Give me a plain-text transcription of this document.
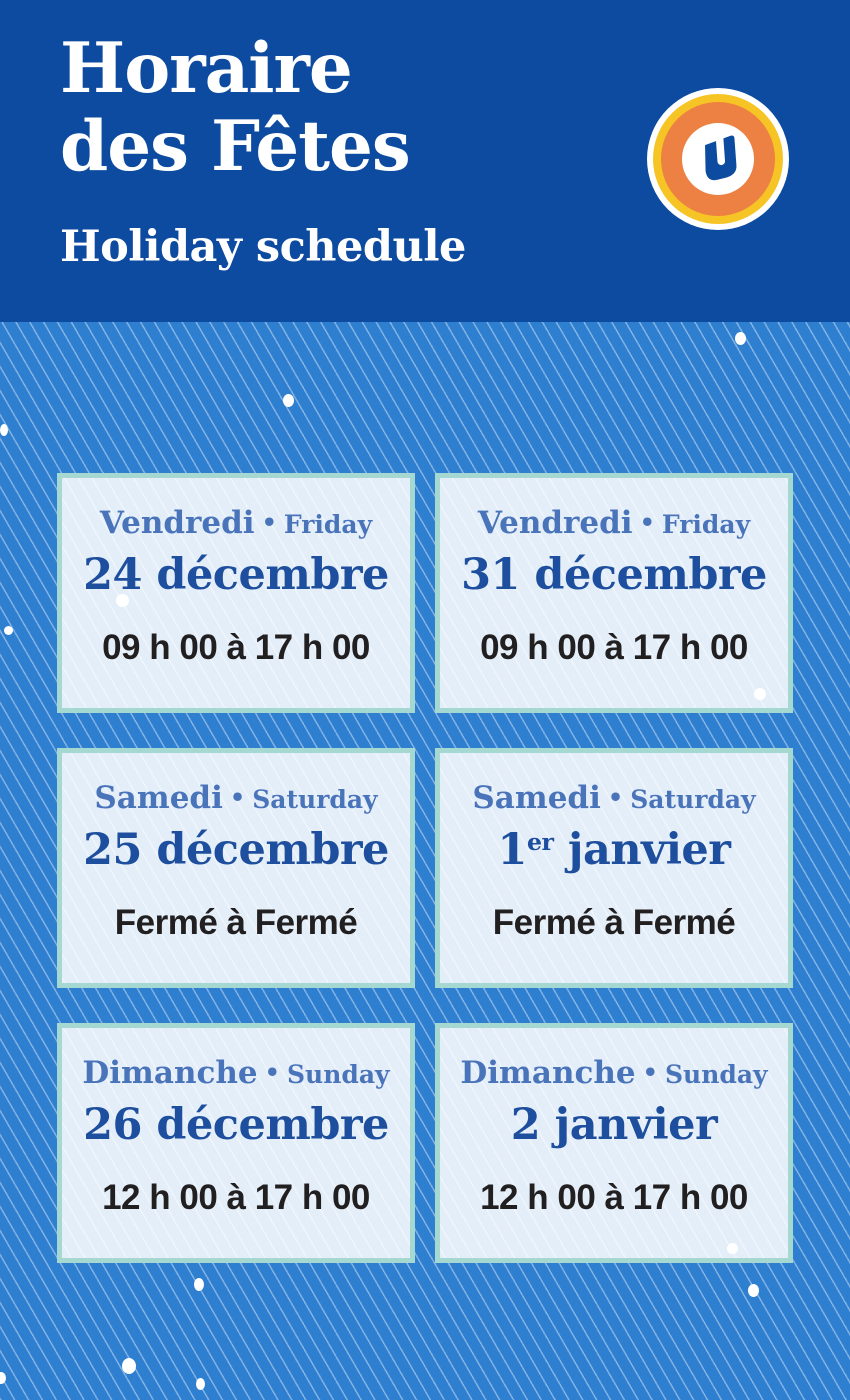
Horaire
des Fêtes
Holiday schedule
Vendredi • Friday
24 décembre
09 h 00 à 17 h 00
Vendredi • Friday
31 décembre
09 h 00 à 17 h 00
Samedi • Saturday
25 décembre
Fermé à Fermé
Samedi • Saturday
1er janvier
Fermé à Fermé
Dimanche • Sunday
26 décembre
12 h 00 à 17 h 00
Dimanche • Sunday
2 janvier
12 h 00 à 17 h 00
